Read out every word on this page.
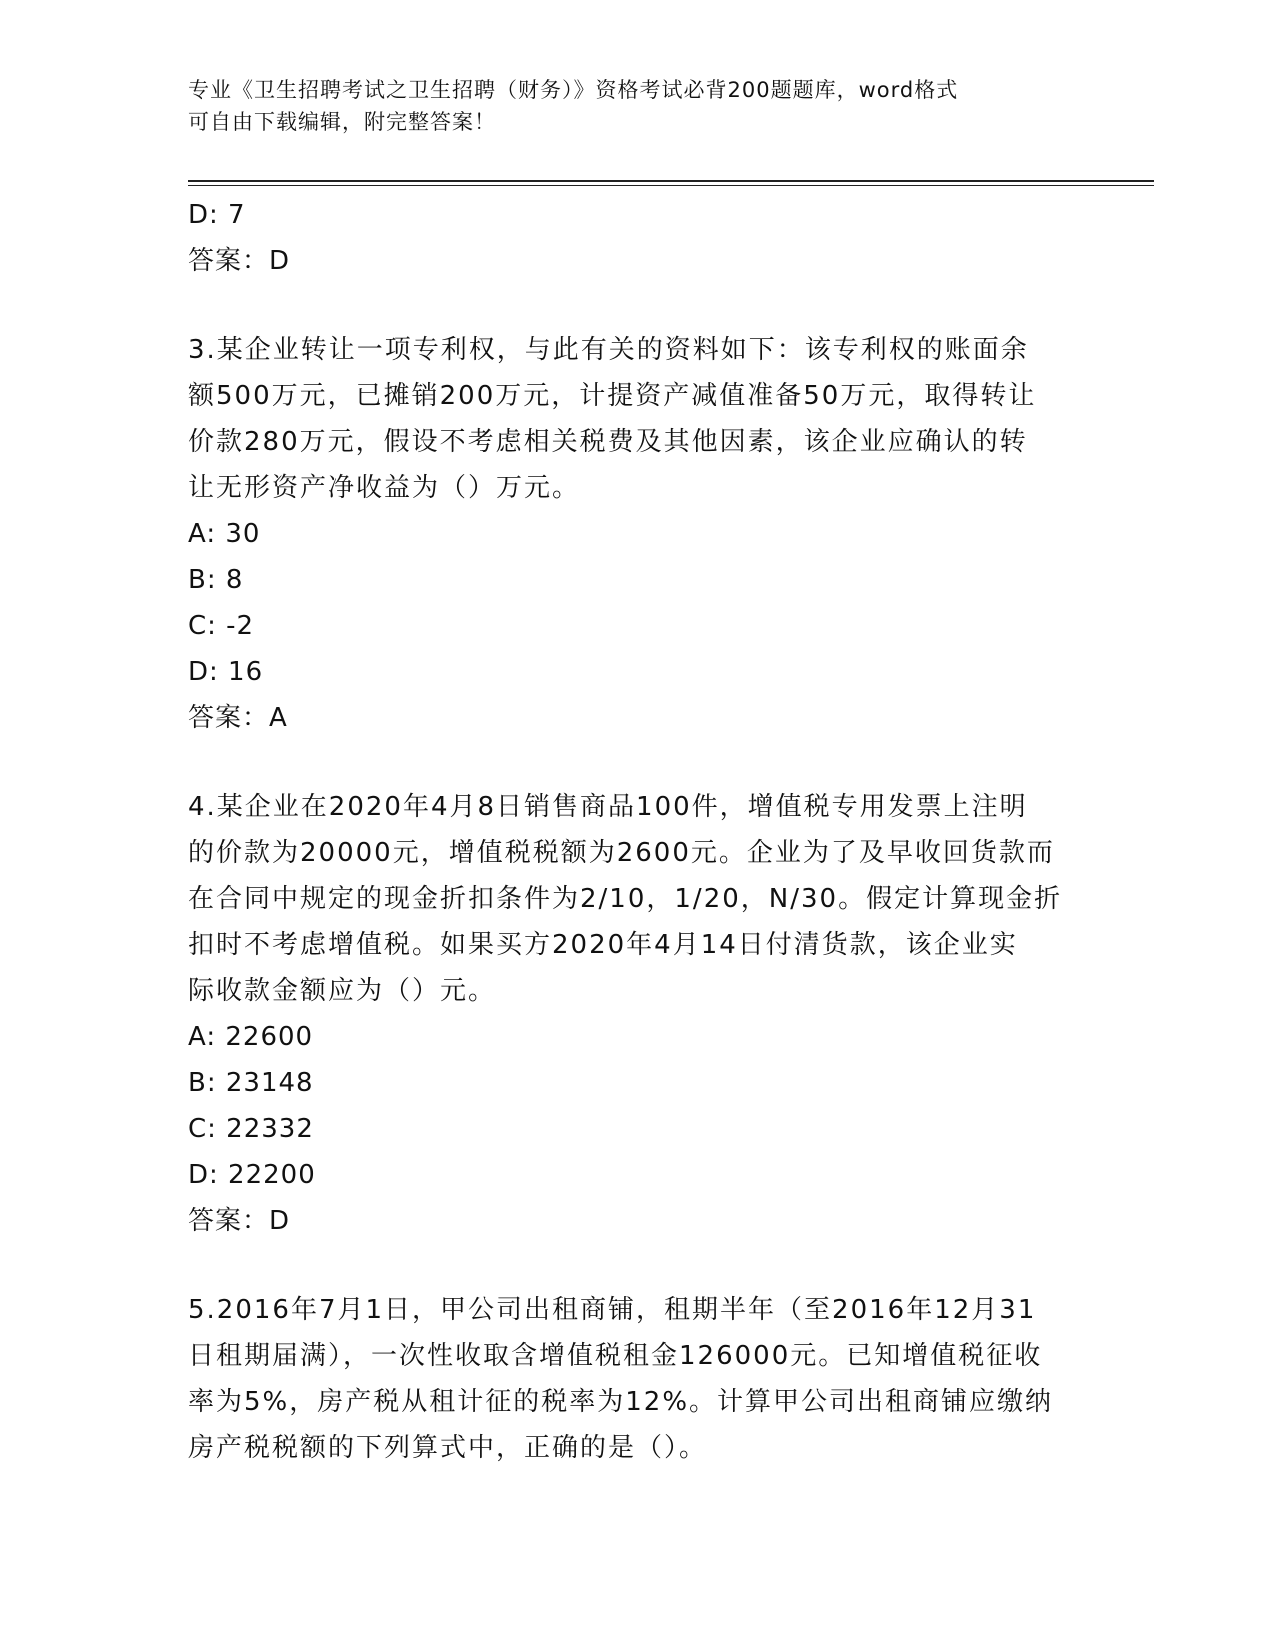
专业《卫生招聘考试之卫生招聘（财务）》资格考试必背200题题库，word格式
可自由下载编辑，附完整答案！
D: 7
答案：D
3.某企业转让一项专利权，与此有关的资料如下：该专利权的账面余
额500万元，已摊销200万元，计提资产减值准备50万元，取得转让
价款280万元，假设不考虑相关税费及其他因素，该企业应确认的转
让无形资产净收益为（）万元。
A: 30
B: 8
C: -2
D: 16
答案：A
4.某企业在2020年4月8日销售商品100件，增值税专用发票上注明
的价款为20000元，增值税税额为2600元。企业为了及早收回货款而
在合同中规定的现金折扣条件为2/10，1/20，N/30。假定计算现金折
扣时不考虑增值税。如果买方2020年4月14日付清货款，该企业实
际收款金额应为（）元。
A: 22600
B: 23148
C: 22332
D: 22200
答案：D
5.2016年7月1日，甲公司出租商铺，租期半年（至2016年12月31
日租期届满），一次性收取含增值税租金126000元。已知增值税征收
率为5%，房产税从租计征的税率为12%。计算甲公司出租商铺应缴纳
房产税税额的下列算式中，正确的是（）。
